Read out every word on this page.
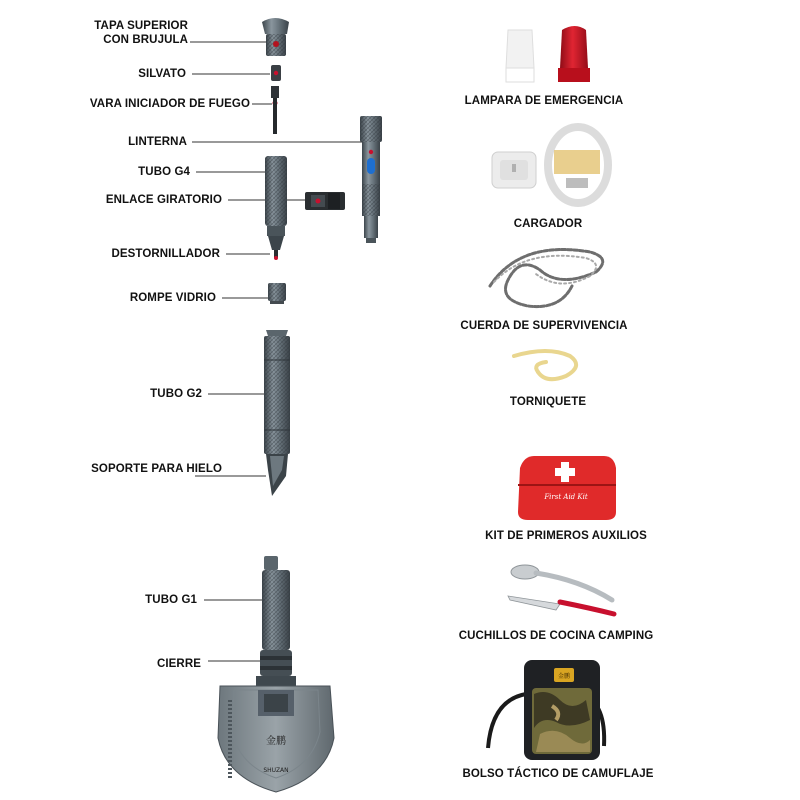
金鹏
SHUZAN
First Aid Kit
金鹏
TAPA SUPERIOR
CON BRUJULA
SILVATO
VARA INICIADOR DE FUEGO
LINTERNA
TUBO G4
ENLACE GIRATORIO
DESTORNILLADOR
ROMPE VIDRIO
TUBO G2
SOPORTE PARA HIELO
TUBO G1
CIERRE
LAMPARA DE EMERGENCIA
CARGADOR
CUERDA DE SUPERVIVENCIA
TORNIQUETE
KIT DE PRIMEROS AUXILIOS
CUCHILLOS DE COCINA CAMPING
BOLSO TÁCTICO DE CAMUFLAJE
